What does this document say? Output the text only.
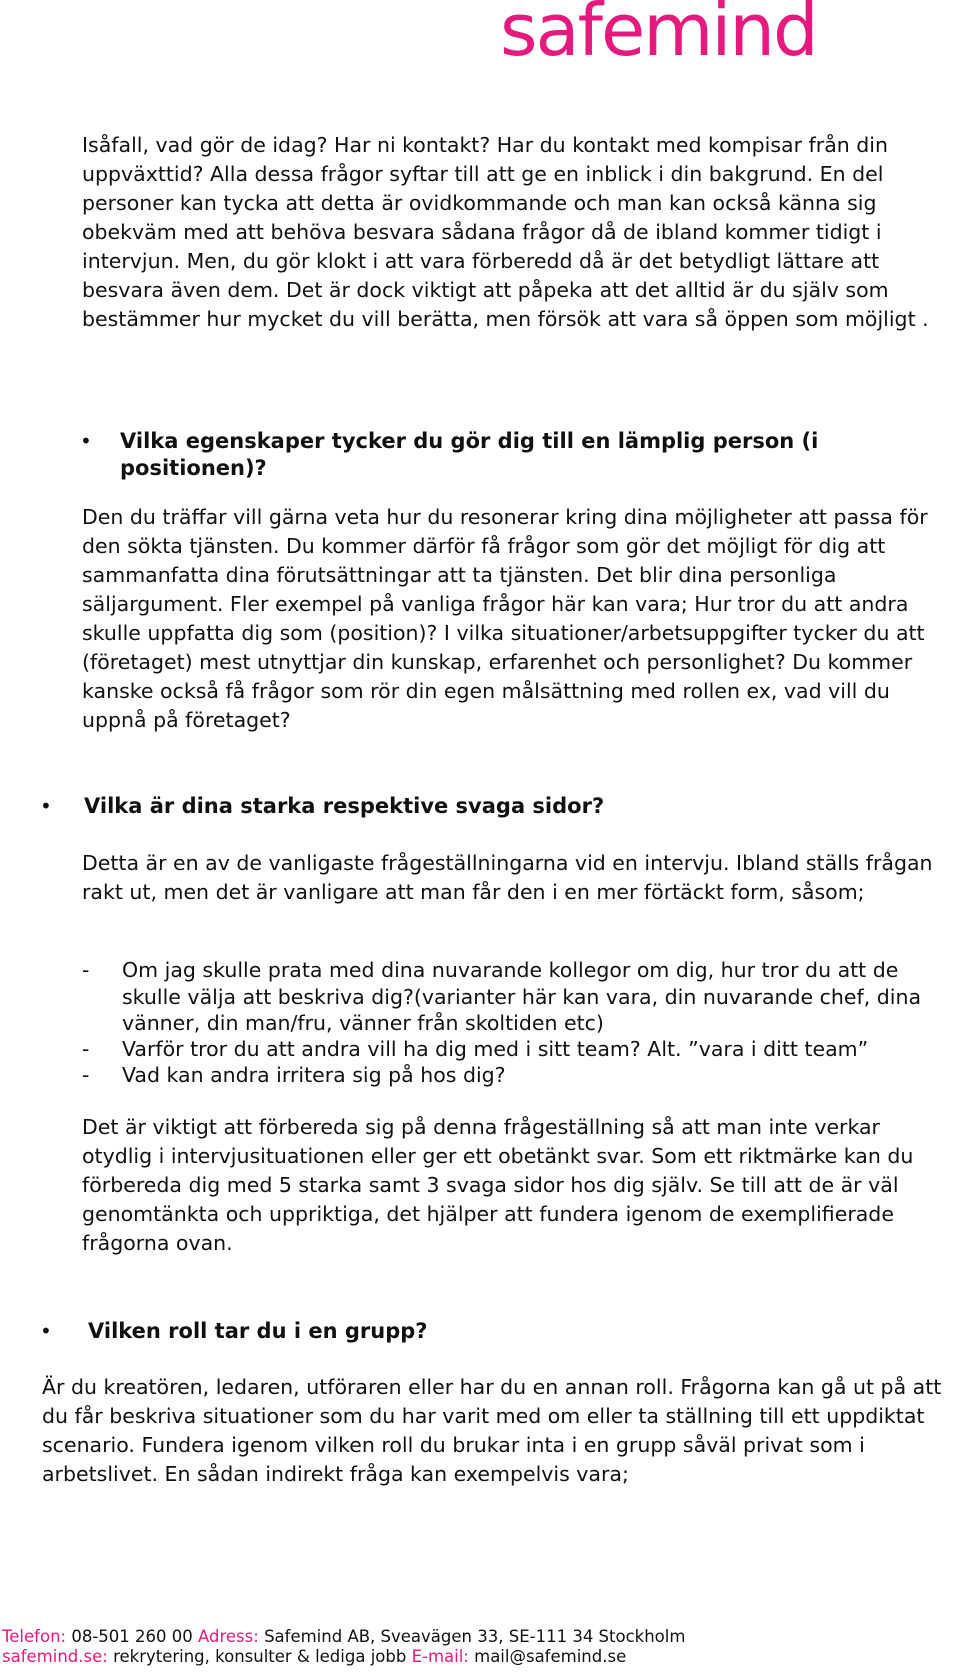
safemind

Isåfall, vad gör de idag? Har ni kontakt? Har du kontakt med kompisar från din uppväxttid? Alla dessa frågor syftar till att ge en inblick i din bakgrund. En del personer kan tycka att detta är ovidkommande och man kan också känna sig obekväm med att behöva besvara sådana frågor då de ibland kommer tidigt i intervjun. Men, du gör klokt i att vara förberedd då är det betydligt lättare att besvara även dem. Det är dock viktigt att påpeka att det alltid är du själv som bestämmer hur mycket du vill berätta, men försök att vara så öppen som möjligt .

• Vilka egenskaper tycker du gör dig till en lämplig person (i positionen)?

Den du träffar vill gärna veta hur du resonerar kring dina möjligheter att passa för den sökta tjänsten. Du kommer därför få frågor som gör det möjligt för dig att sammanfatta dina förutsättningar att ta tjänsten. Det blir dina personliga säljargument. Fler exempel på vanliga frågor här kan vara; Hur tror du att andra skulle uppfatta dig som (position)? I vilka situationer/arbetsuppgifter tycker du att (företaget) mest utnyttjar din kunskap, erfarenhet och personlighet? Du kommer kanske också få frågor som rör din egen målsättning med rollen ex, vad vill du uppnå på företaget?

• Vilka är dina starka respektive svaga sidor?

Detta är en av de vanligaste frågeställningarna vid en intervju. Ibland ställs frågan rakt ut, men det är vanligare att man får den i en mer förtäckt form, såsom;

- Om jag skulle prata med dina nuvarande kollegor om dig, hur tror du att de skulle välja att beskriva dig?(varianter här kan vara, din nuvarande chef, dina vänner, din man/fru, vänner från skoltiden etc)
- Varför tror du att andra vill ha dig med i sitt team? Alt. ”vara i ditt team”
- Vad kan andra irritera sig på hos dig?

Det är viktigt att förbereda sig på denna frågeställning så att man inte verkar otydlig i intervjusituationen eller ger ett obetänkt svar. Som ett riktmärke kan du förbereda dig med 5 starka samt 3 svaga sidor hos dig själv. Se till att de är väl genomtänkta och uppriktiga, det hjälper att fundera igenom de exemplifierade frågorna ovan.

• Vilken roll tar du i en grupp?

Är du kreatören, ledaren, utföraren eller har du en annan roll. Frågorna kan gå ut på att du får beskriva situationer som du har varit med om eller ta ställning till ett uppdiktat scenario. Fundera igenom vilken roll du brukar inta i en grupp såväl privat som i arbetslivet. En sådan indirekt fråga kan exempelvis vara;

Telefon: 08-501 260 00 Adress: Safemind AB, Sveavägen 33, SE-111 34 Stockholm
safemind.se: rekrytering, konsulter & lediga jobb E-mail: mail@safemind.se
